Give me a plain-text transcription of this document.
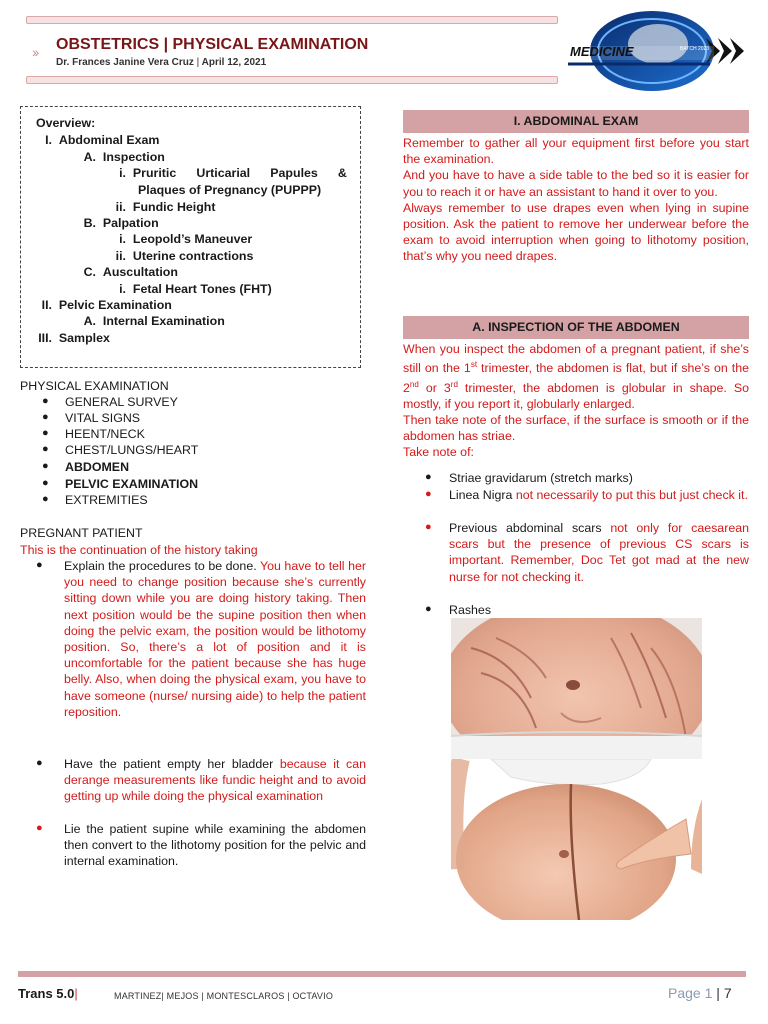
›› OBSTETRICS | PHYSICAL EXAMINATION
Dr. Frances Janine Vera Cruz | April 12, 2021
MEDICINE	BATCH 2023
Overview:
I. Abdominal Exam
A. Inspection
i. Pruritic Urticarial Papules &
Plaques of Pregnancy (PUPPP)
ii. Fundic Height
B. Palpation
i. Leopold’s Maneuver
ii. Uterine contractions
C. Auscultation
i. Fetal Heart Tones (FHT)
II. Pelvic Examination
A. Internal Examination
III. Samplex
PHYSICAL EXAMINATION
● GENERAL SURVEY
● VITAL SIGNS
● HEENT/NECK
● CHEST/LUNGS/HEART
● ABDOMEN
● PELVIC EXAMINATION
● EXTREMITIES
PREGNANT PATIENT
This is the continuation of the history taking
● Explain the procedures to be done. You have to tell her you need to change position because she’s currently sitting down while you are doing history taking. Then next position would be the supine position then when doing the pelvic exam, the position would be lithotomy position. So, there’s a lot of position and it is uncomfortable for the patient because she has huge belly. Also, when doing the physical exam, you have to have someone (nurse/ nursing aide) to help the patient reposition.
● Have the patient empty her bladder because it can derange measurements like fundic height and to avoid getting up while doing the physical examination
● Lie the patient supine while examining the abdomen then convert to the lithotomy position for the pelvic and internal examination.
I. ABDOMINAL EXAM
Remember to gather all your equipment first before you start the examination.
And you have to have a side table to the bed so it is easier for you to reach it or have an assistant to hand it over to you.
Always remember to use drapes even when lying in supine position. Ask the patient to remove her underwear before the exam to avoid interruption when going to lithotomy position, that’s why you need drapes.
A. INSPECTION OF THE ABDOMEN
When you inspect the abdomen of a pregnant patient, if she’s still on the 1st trimester, the abdomen is flat, but if she’s on the 2nd or 3rd trimester, the abdomen is globular in shape. So mostly, if you report it, globularly enlarged.
Then take note of the surface, if the surface is smooth or if the abdomen has striae.
Take note of:
● Striae gravidarum (stretch marks)
● Linea Nigra not necessarily to put this but just check it.
● Previous abdominal scars not only for caesarean scars but the presence of previous CS scars is important. Remember, Doc Tet got mad at the new nurse for not checking it.
● Rashes
Trans 5.0|	MARTINEZ| MEJOS | MONTESCLAROS | OCTAVIO	Page 1 | 7
